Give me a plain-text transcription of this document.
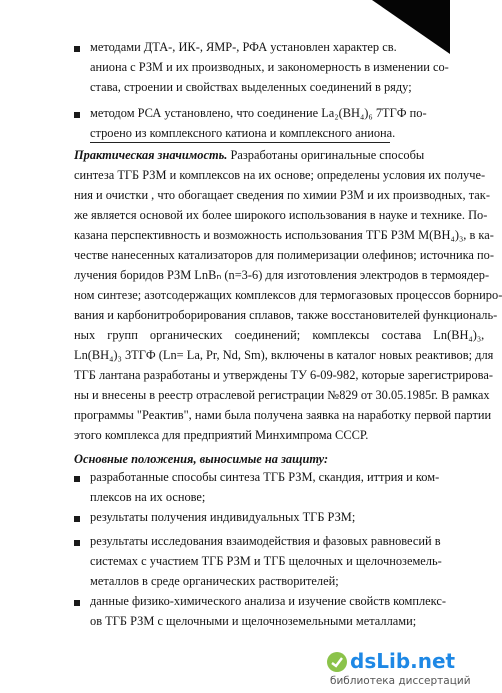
методами ДТА-, ИК-, ЯМР-, РФА установлен характер св.
аниона с РЗМ и их производных, и закономерность в изменении со-
става, строении и свойствах выделенных соединений в ряду;
методом РСА установлено, что соединение La₂(BH₄)₆ 7ТГФ по-
строено из комплексного катиона и комплексного аниона.
Практическая значимость. Разработаны оригинальные способы
синтеза ТГБ РЗМ и комплексов на их основе; определены условия их получе-
ния и очистки , что обогащает сведения по химии РЗМ и их производных, так-
же является основой их более широкого использования в науке и технике. По-
казана перспективность и возможность использования ТГБ РЗМ М(BH₄)₃, в ка-
честве нанесенных катализаторов для полимеризации олефинов; источника по-
лучения боридов РЗМ LnBₙ (n=3-6) для изготовления электродов в термоядер-
ном синтезе; азотсодержащих комплексов для термогазовых процессов борниро-
вания и карбонитроборирования сплавов, также восстановителей функциональ-
ных групп органических соединений; комплексы состава Ln(BH₄)₃,
Ln(BH₄)₃ 3ТГФ (Ln= La, Pr, Nd, Sm), включены в каталог новых реактивов; для
ТГБ лантана разработаны и утверждены ТУ 6-09-982, которые зарегистрирова-
ны и внесены в реестр отраслевой регистрации №829 от 30.05.1985г. В рамках
программы "Реактив", нами была получена заявка на наработку первой партии
этого комплекса для предприятий Минхимпрома СССР.
Основные положения, выносимые на защиту:
разработанные способы синтеза ТГБ РЗМ, скандия, иттрия и ком-
плексов на их основе;
результаты получения индивидуальных ТГБ РЗМ;
результаты исследования взаимодействия и фазовых равновесий в
системах с участием ТГБ РЗМ и ТГБ щелочных и щелочноземель-
металлов в среде органических растворителей;
данные физико-химического анализа и изучение свойств комплекс-
ов ТГБ РЗМ с щелочными и щелочноземельными металлами;
dsLib.net
библиотека диссертаций
